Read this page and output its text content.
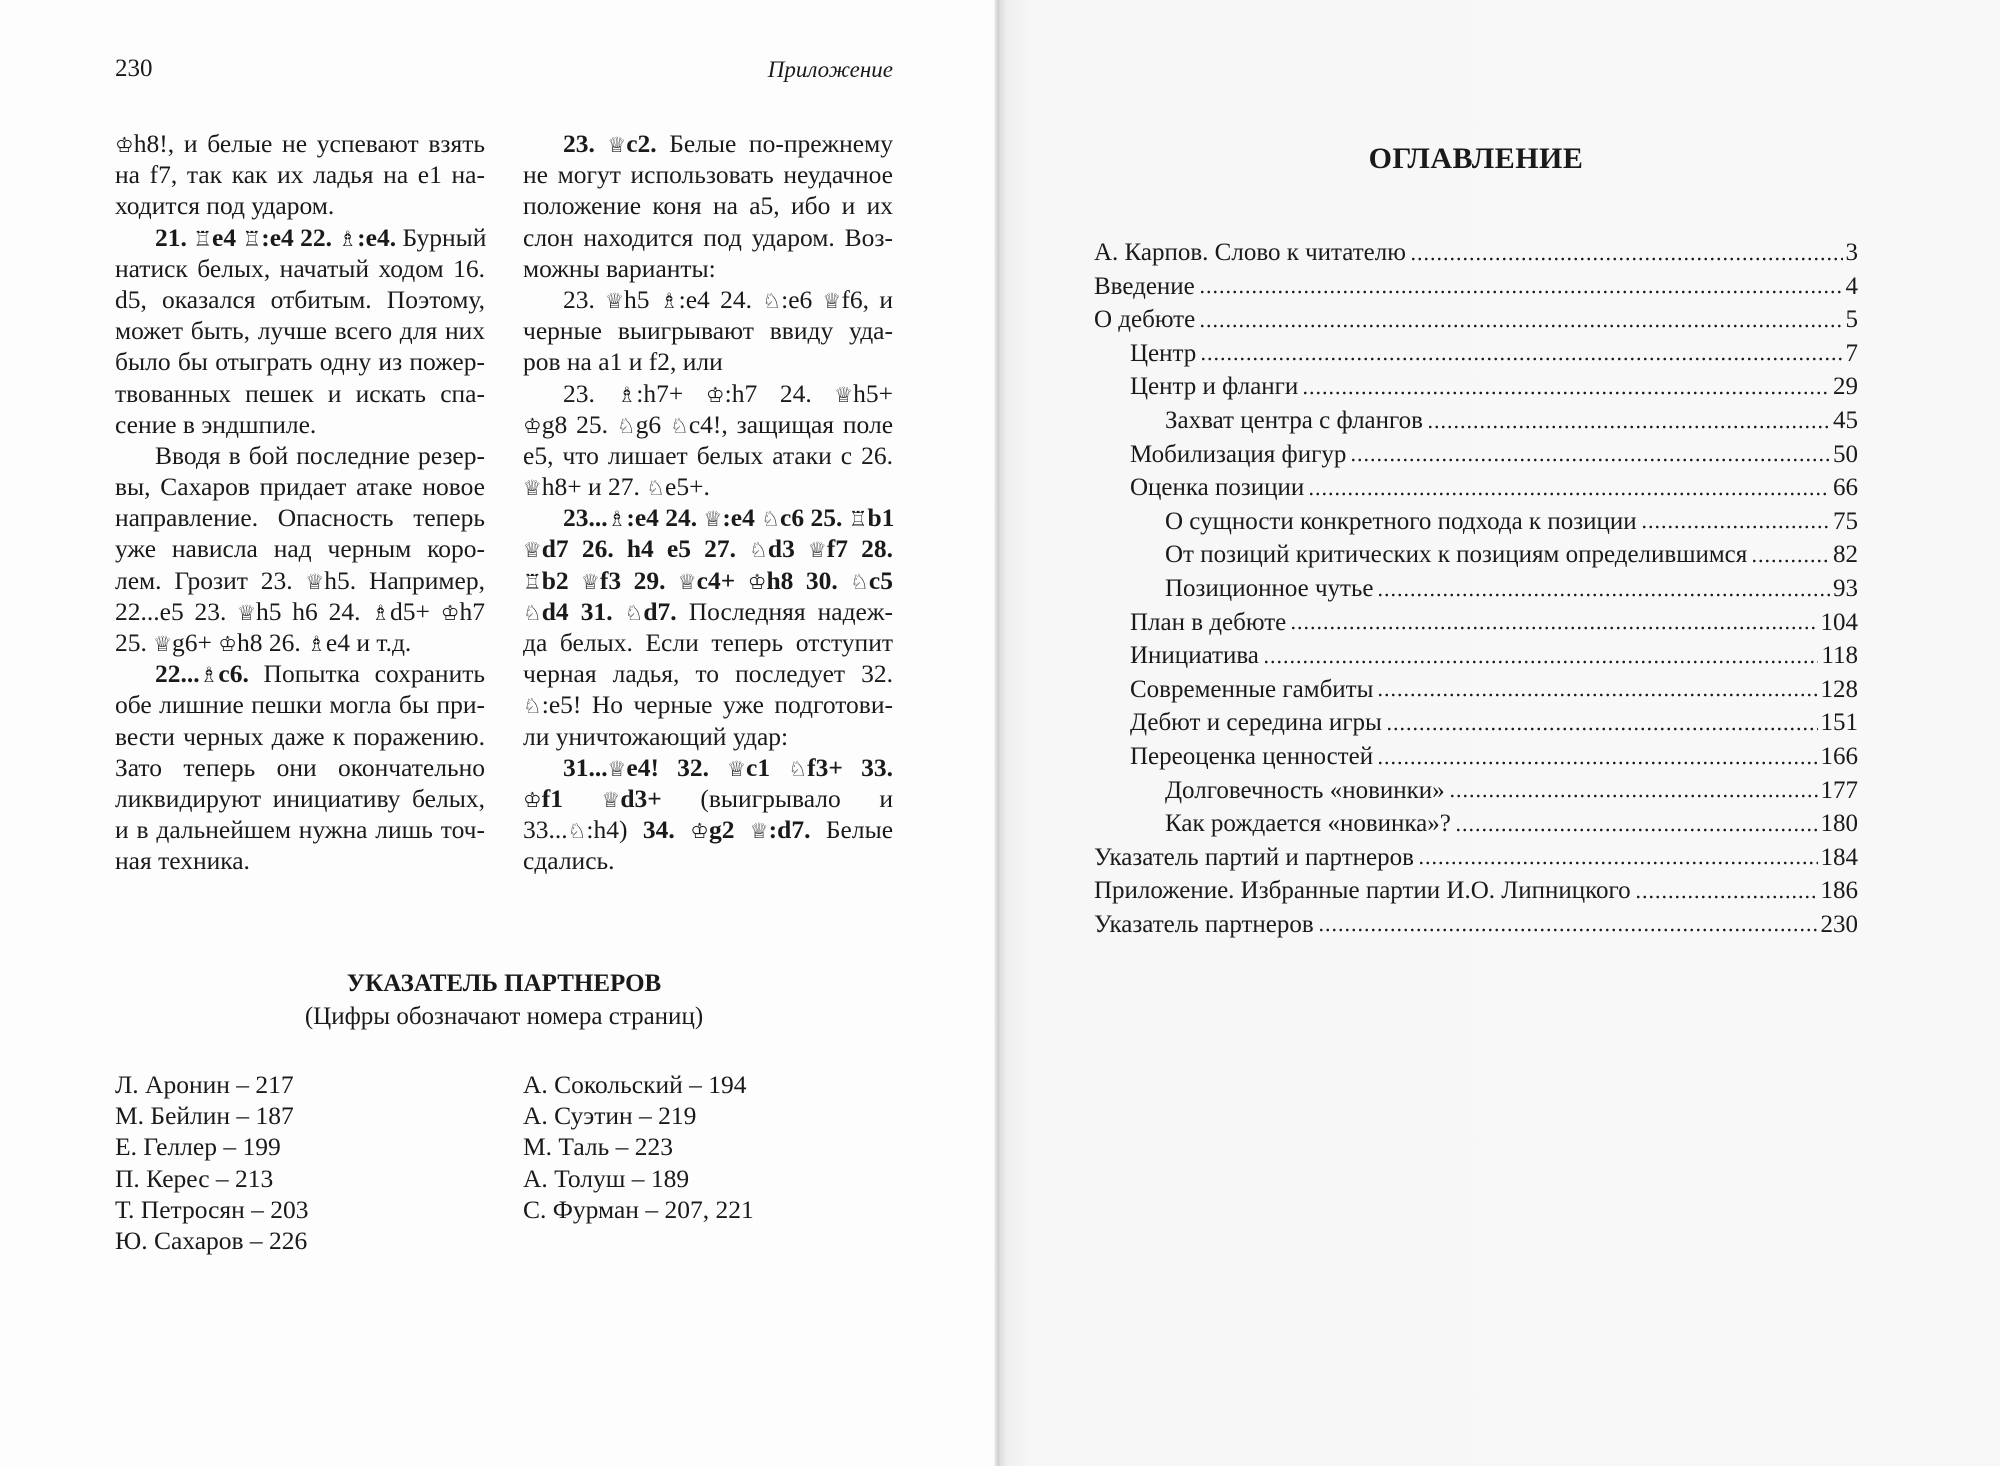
230	Приложение
♔h8!, и белые не успевают взять
на f7, так как их ладья на e1 на-
ходится под ударом.
21. ♖e4 ♖:e4 22. ♗:e4. Бурный
натиск белых, начатый ходом 16.
d5, оказался отбитым. Поэтому,
может быть, лучше всего для них
было бы отыграть одну из пожер-
твованных пешек и искать спа-
сение в эндшпиле.
Вводя в бой последние резер-
вы, Сахаров придает атаке новое
направление. Опасность теперь
уже нависла над черным коро-
лем. Грозит 23. ♕h5. Например,
22...e5 23. ♕h5 h6 24. ♗d5+ ♔h7
25. ♕g6+ ♔h8 26. ♗e4 и т.д.
22...♗c6. Попытка сохранить
обе лишние пешки могла бы при-
вести черных даже к поражению.
Зато теперь они окончательно
ликвидируют инициативу белых,
и в дальнейшем нужна лишь точ-
ная техника.
23. ♕c2. Белые по-прежнему
не могут использовать неудачное
положение коня на а5, ибо и их
слон находится под ударом. Воз-
можны варианты:
23. ♕h5 ♗:e4 24. ♘:e6 ♕f6, и
черные выигрывают ввиду уда-
ров на a1 и f2, или
23. ♗:h7+ ♔:h7 24. ♕h5+
♔g8 25. ♘g6 ♘c4!, защищая поле
e5, что лишает белых атаки с 26.
♕h8+ и 27. ♘e5+.
23...♗:e4 24. ♕:e4 ♘c6 25. ♖b1
♕d7 26. h4 e5 27. ♘d3 ♕f7 28.
♖b2 ♕f3 29. ♕c4+ ♔h8 30. ♘c5
♘d4 31. ♘d7. Последняя надеж-
да белых. Если теперь отступит
черная ладья, то последует 32.
♘:e5! Но черные уже подготови-
ли уничтожающий удар:
31...♕e4! 32. ♕c1 ♘f3+ 33.
♔f1 ♕d3+ (выигрывало и
33...♘:h4) 34. ♔g2 ♕:d7. Белые
сдались.
УКАЗАТЕЛЬ ПАРТНЕРОВ
(Цифры обозначают номера страниц)
Л. Аронин – 217
М. Бейлин – 187
Е. Геллер – 199
П. Керес – 213
Т. Петросян – 203
Ю. Сахаров – 226
А. Сокольский – 194
А. Суэтин – 219
М. Таль – 223
А. Толуш – 189
С. Фурман – 207, 221
ОГЛАВЛЕНИЕ
А. Карпов. Слово к читателю	3
Введение	4
О дебюте	5
Центр	7
Центр и фланги	29
Захват центра с флангов	45
Мобилизация фигур	50
Оценка позиции	66
О сущности конкретного подхода к позиции	75
От позиций критических к позициям определившимся	82
Позиционное чутье	93
План в дебюте	104
Инициатива	118
Современные гамбиты	128
Дебют и середина игры	151
Переоценка ценностей	166
Долговечность «новинки»	177
Как рождается «новинка»?	180
Указатель партий и партнеров	184
Приложение. Избранные партии И.О. Липницкого	186
Указатель партнеров	230
